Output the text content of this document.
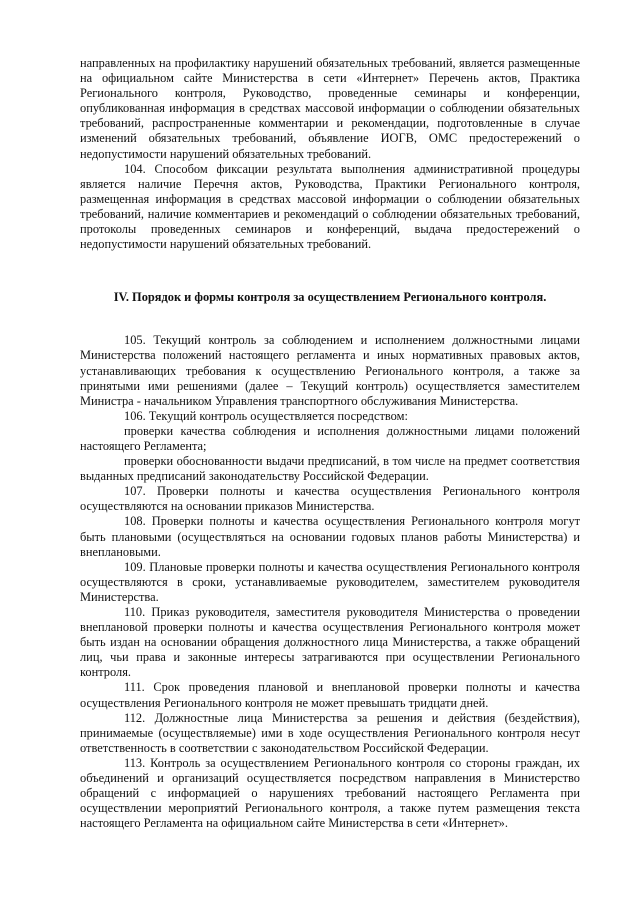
направленных на профилактику нарушений обязательных требований, является размещенные на официальном сайте Министерства в сети «Интернет» Перечень актов, Практика Регионального контроля, Руководство, проведенные семинары и конференции, опубликованная информация в средствах массовой информации о соблюдении обязательных требований, распространенные комментарии и рекомендации, подготовленные в случае изменений обязательных требований, объявление ИОГВ, ОМС предостережений о недопустимости нарушений обязательных требований.

104. Способом фиксации результата выполнения административной процедуры является наличие Перечня актов, Руководства, Практики Регионального контроля, размещенная информация в средствах массовой информации о соблюдении обязательных требований, наличие комментариев и рекомендаций о соблюдении обязательных требований, протоколы проведенных семинаров и конференций, выдача предостережений о недопустимости нарушений обязательных требований.

IV. Порядок и формы контроля за осуществлением Регионального контроля.

105. Текущий контроль за соблюдением и исполнением должностными лицами Министерства положений настоящего регламента и иных нормативных правовых актов, устанавливающих требования к осуществлению Регионального контроля, а также за принятыми ими решениями (далее – Текущий контроль) осуществляется заместителем Министра - начальником Управления транспортного обслуживания Министерства.

106. Текущий контроль осуществляется посредством:

проверки качества соблюдения и исполнения должностными лицами положений настоящего Регламента;

проверки обоснованности выдачи предписаний, в том числе на предмет соответствия выданных предписаний законодательству Российской Федерации.

107. Проверки полноты и качества осуществления Регионального контроля осуществляются на основании приказов Министерства.

108. Проверки полноты и качества осуществления Регионального контроля могут быть плановыми (осуществляться на основании годовых планов работы Министерства) и внеплановыми.

109. Плановые проверки полноты и качества осуществления Регионального контроля осуществляются в сроки, устанавливаемые руководителем, заместителем руководителя Министерства.

110. Приказ руководителя, заместителя руководителя Министерства о проведении внеплановой проверки полноты и качества осуществления Регионального контроля может быть издан на основании обращения должностного лица Министерства, а также обращений лиц, чьи права и законные интересы затрагиваются при осуществлении Регионального контроля.

111. Срок проведения плановой и внеплановой проверки полноты и качества осуществления Регионального контроля не может превышать тридцати дней.

112. Должностные лица Министерства за решения и действия (бездействия), принимаемые (осуществляемые) ими в ходе осуществления Регионального контроля несут ответственность в соответствии с законодательством Российской Федерации.

113. Контроль за осуществлением Регионального контроля со стороны граждан, их объединений и организаций осуществляется посредством направления в Министерство обращений с информацией о нарушениях требований настоящего Регламента при осуществлении мероприятий Регионального контроля, а также путем размещения текста настоящего Регламента на официальном сайте Министерства в сети «Интернет».
